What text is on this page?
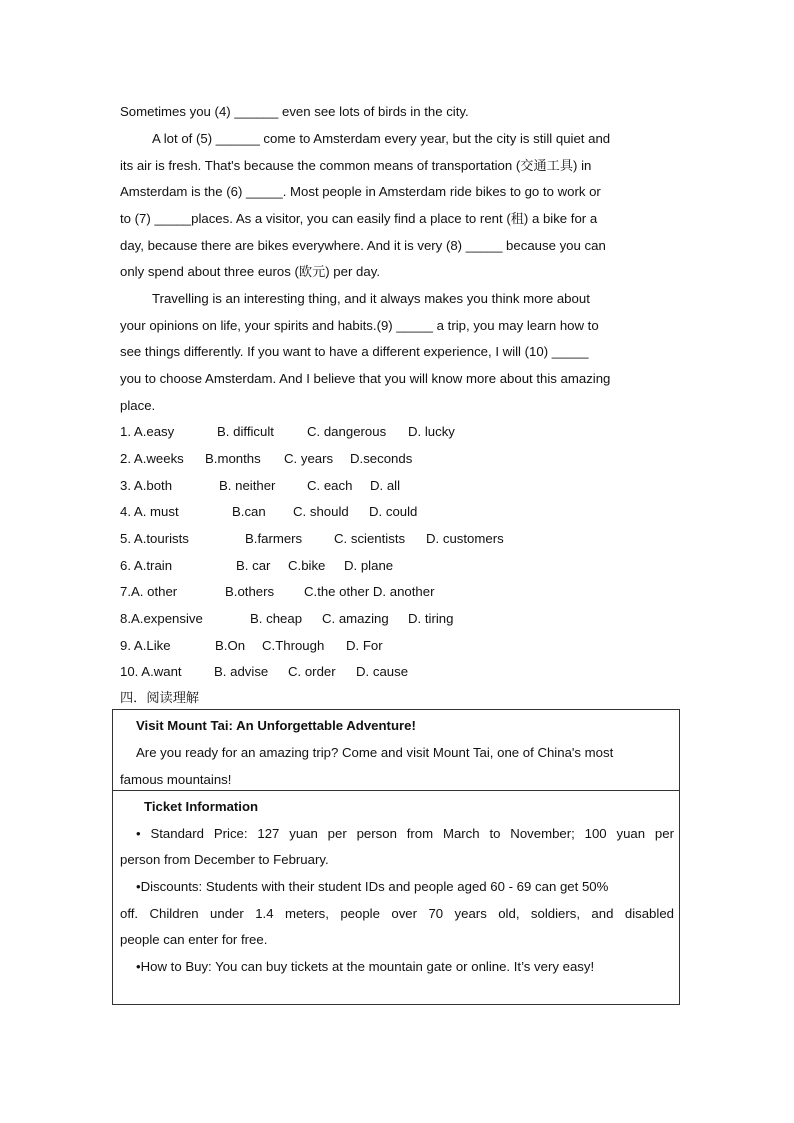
Sometimes you (4) ______ even see lots of birds in the city.
A lot of (5) ______ come to Amsterdam every year, but the city is still quiet and
its air is fresh. That's because the common means of transportation (交通工具) in
Amsterdam is the (6) _____. Most people in Amsterdam ride bikes to go to work or
to (7) _____places. As a visitor, you can easily find a place to rent (租) a bike for a
day, because there are bikes everywhere. And it is very (8) _____ because you can
only spend about three euros (欧元) per day.
Travelling is an interesting thing, and it always makes you think more about
your opinions on life, your spirits and habits.(9) _____ a trip, you may learn how to
see things differently. If you want to have a different experience, I will (10) _____
you to choose Amsterdam. And I believe that you will know more about this amazing
place.
1. A.easy	B. difficult	C. dangerous D. lucky
2. A.weeks B.months C. years D.seconds
3. A.both	B. neither C. each D. all
4. A. must	B.can C. should D. could
5. A.tourists	B.farmers C. scientists D. customers
6. A.train	B. car C.bike D. plane
7.A. other	B.others C.the other D. another
8.A.expensive	B. cheap C. amazing D. tiring
9. A.Like	B.On C.Through D. For
10. A.want B. advise C. order D. cause
四．阅读理解
Visit Mount Tai: An Unforgettable Adventure!
Are you ready for an amazing trip? Come and visit Mount Tai, one of China's most
famous mountains!
Ticket Information
• Standard Price: 127 yuan per person from March to November; 100 yuan per
person from December to February.
•Discounts: Students with their student IDs and people aged 60 - 69 can get 50%
off. Children under 1.4 meters, people over 70 years old, soldiers, and disabled
people can enter for free.
•How to Buy: You can buy tickets at the mountain gate or online. It’s very easy!
